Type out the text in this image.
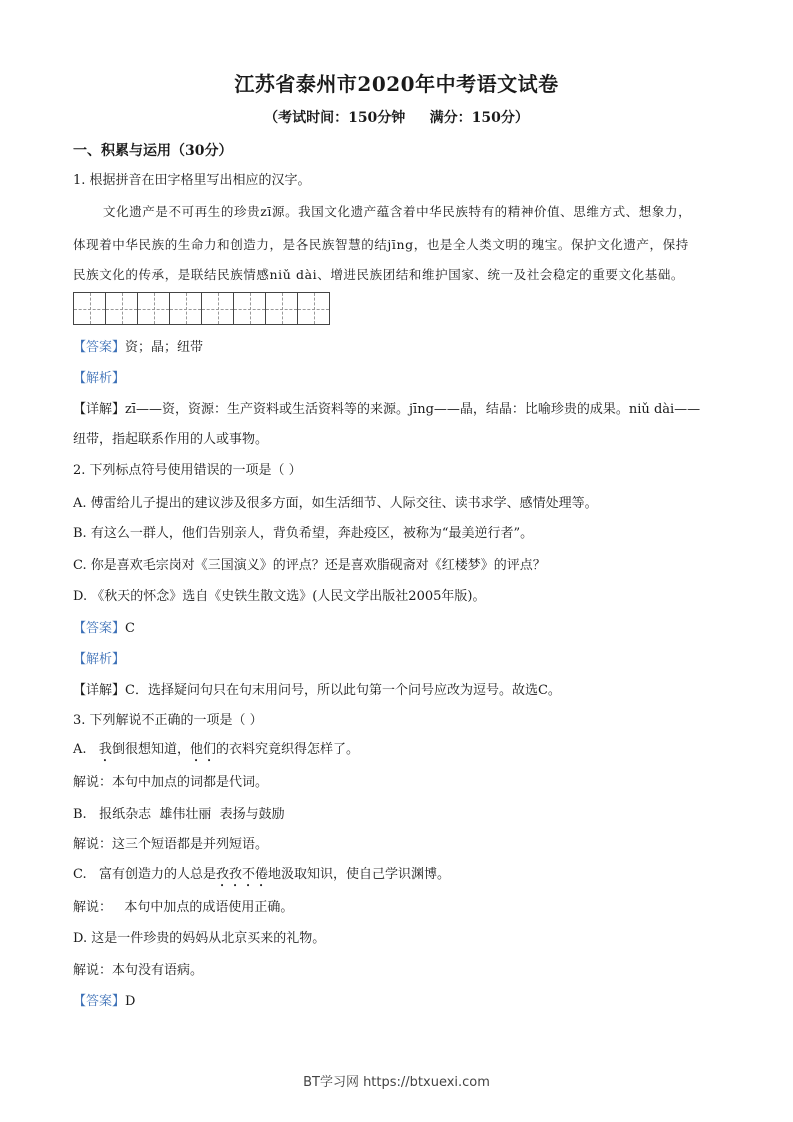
江苏省泰州市2020年中考语文试卷
（考试时间：150分钟     满分：150分）
一、积累与运用（30分）
1. 根据拼音在田字格里写出相应的汉字。
文化遗产是不可再生的珍贵zī源。我国文化遗产蕴含着中华民族特有的精神价值、思维方式、想象力，
体现着中华民族的生命力和创造力，是各民族智慧的结jīng，也是全人类文明的瑰宝。保护文化遗产，保持
民族文化的传承，是联结民族情感niǔ dài、增进民族团结和维护国家、统一及社会稳定的重要文化基础。
【答案】资；晶；纽带
【解析】
【详解】zī——资，资源：生产资料或生活资料等的来源。jīng——晶，结晶：比喻珍贵的成果。niǔ dài——
纽带，指起联系作用的人或事物。
2. 下列标点符号使用错误的一项是（ ）
A. 傅雷给儿子提出的建议涉及很多方面，如生活细节、人际交往、读书求学、感情处理等。
B. 有这么一群人，他们告别亲人，背负希望，奔赴疫区，被称为“最美逆行者”。
C. 你是喜欢毛宗岗对《三国演义》的评点？还是喜欢脂砚斋对《红楼梦》的评点？
D. 《秋天的怀念》选自《史铁生散文选》(人民文学出版社2005年版)。
【答案】C
【解析】
【详解】C．选择疑问句只在句末用问号，所以此句第一个问号应改为逗号。故选C。
3. 下列解说不正确的一项是（ ）
A.   我倒很想知道，他们的衣料究竟织得怎样了。
解说：本句中加点的词都是代词。
B.   报纸杂志  雄伟壮丽  表扬与鼓励
解说：这三个短语都是并列短语。
C.   富有创造力的人总是孜孜不倦地汲取知识，使自己学识渊博。
解说：   本句中加点的成语使用正确。
D. 这是一件珍贵的妈妈从北京买来的礼物。
解说：本句没有语病。
【答案】D
BT学习网 https://btxuexi.com
